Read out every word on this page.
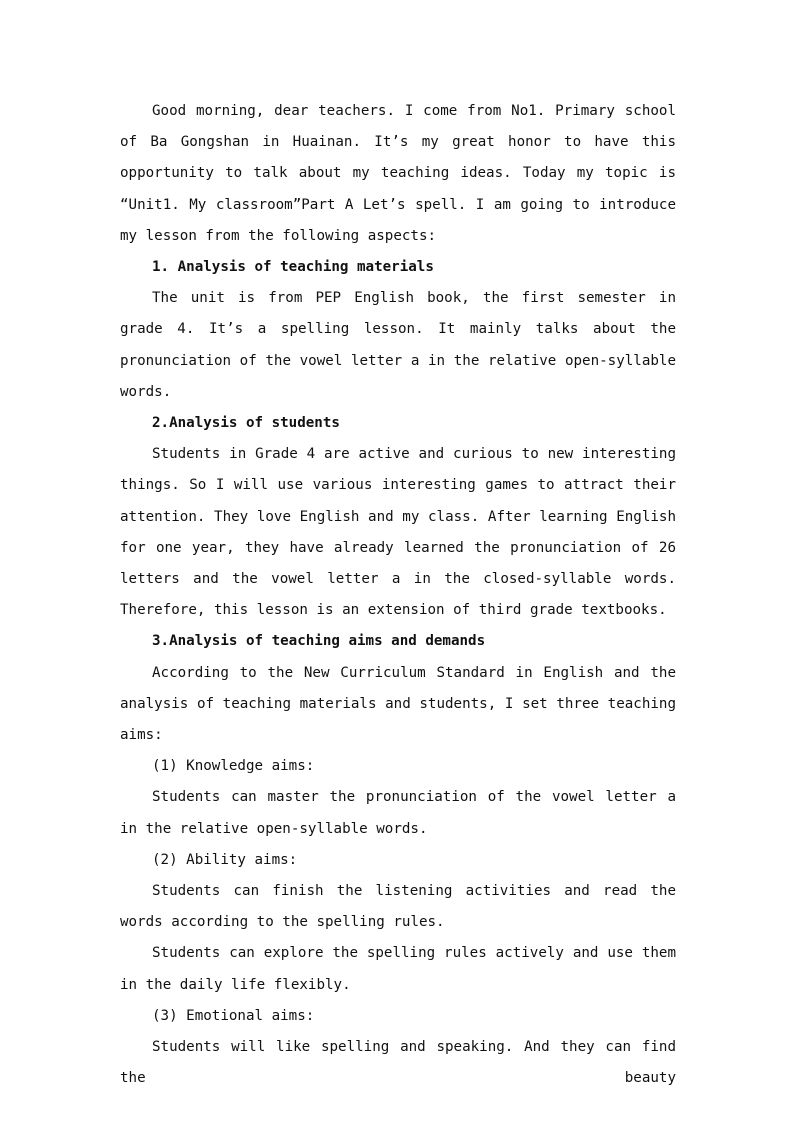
Good morning, dear teachers. I come from No1. Primary school of Ba Gongshan in Huainan. It’s my great honor to have this opportunity to talk about my teaching ideas. Today my topic is “Unit1. My classroom”Part A Let’s spell. I am going to introduce my lesson from the following aspects:

1. Analysis of teaching materials

The unit is from PEP English book, the first semester in grade 4. It’s a spelling lesson. It mainly talks about the pronunciation of the vowel letter a in the relative open-syllable words.

2.Analysis of students

Students in Grade 4 are active and curious to new interesting things. So I will use various interesting games to attract their attention. They love English and my class. After learning English for one year, they have already learned the pronunciation of 26 letters and the vowel letter a in the closed-syllable words. Therefore, this lesson is an extension of third grade textbooks.

3.Analysis of teaching aims and demands

According to the New Curriculum Standard in English and the analysis of teaching materials and students, I set three teaching aims:

(1) Knowledge aims:

Students can master the pronunciation of the vowel letter a in the relative open-syllable words.

(2) Ability aims:

Students can finish the listening activities and read the words according to the spelling rules.

Students can explore the spelling rules actively and use them in the daily life flexibly.

(3) Emotional aims:

Students will like spelling and speaking. And they can find the beauty
